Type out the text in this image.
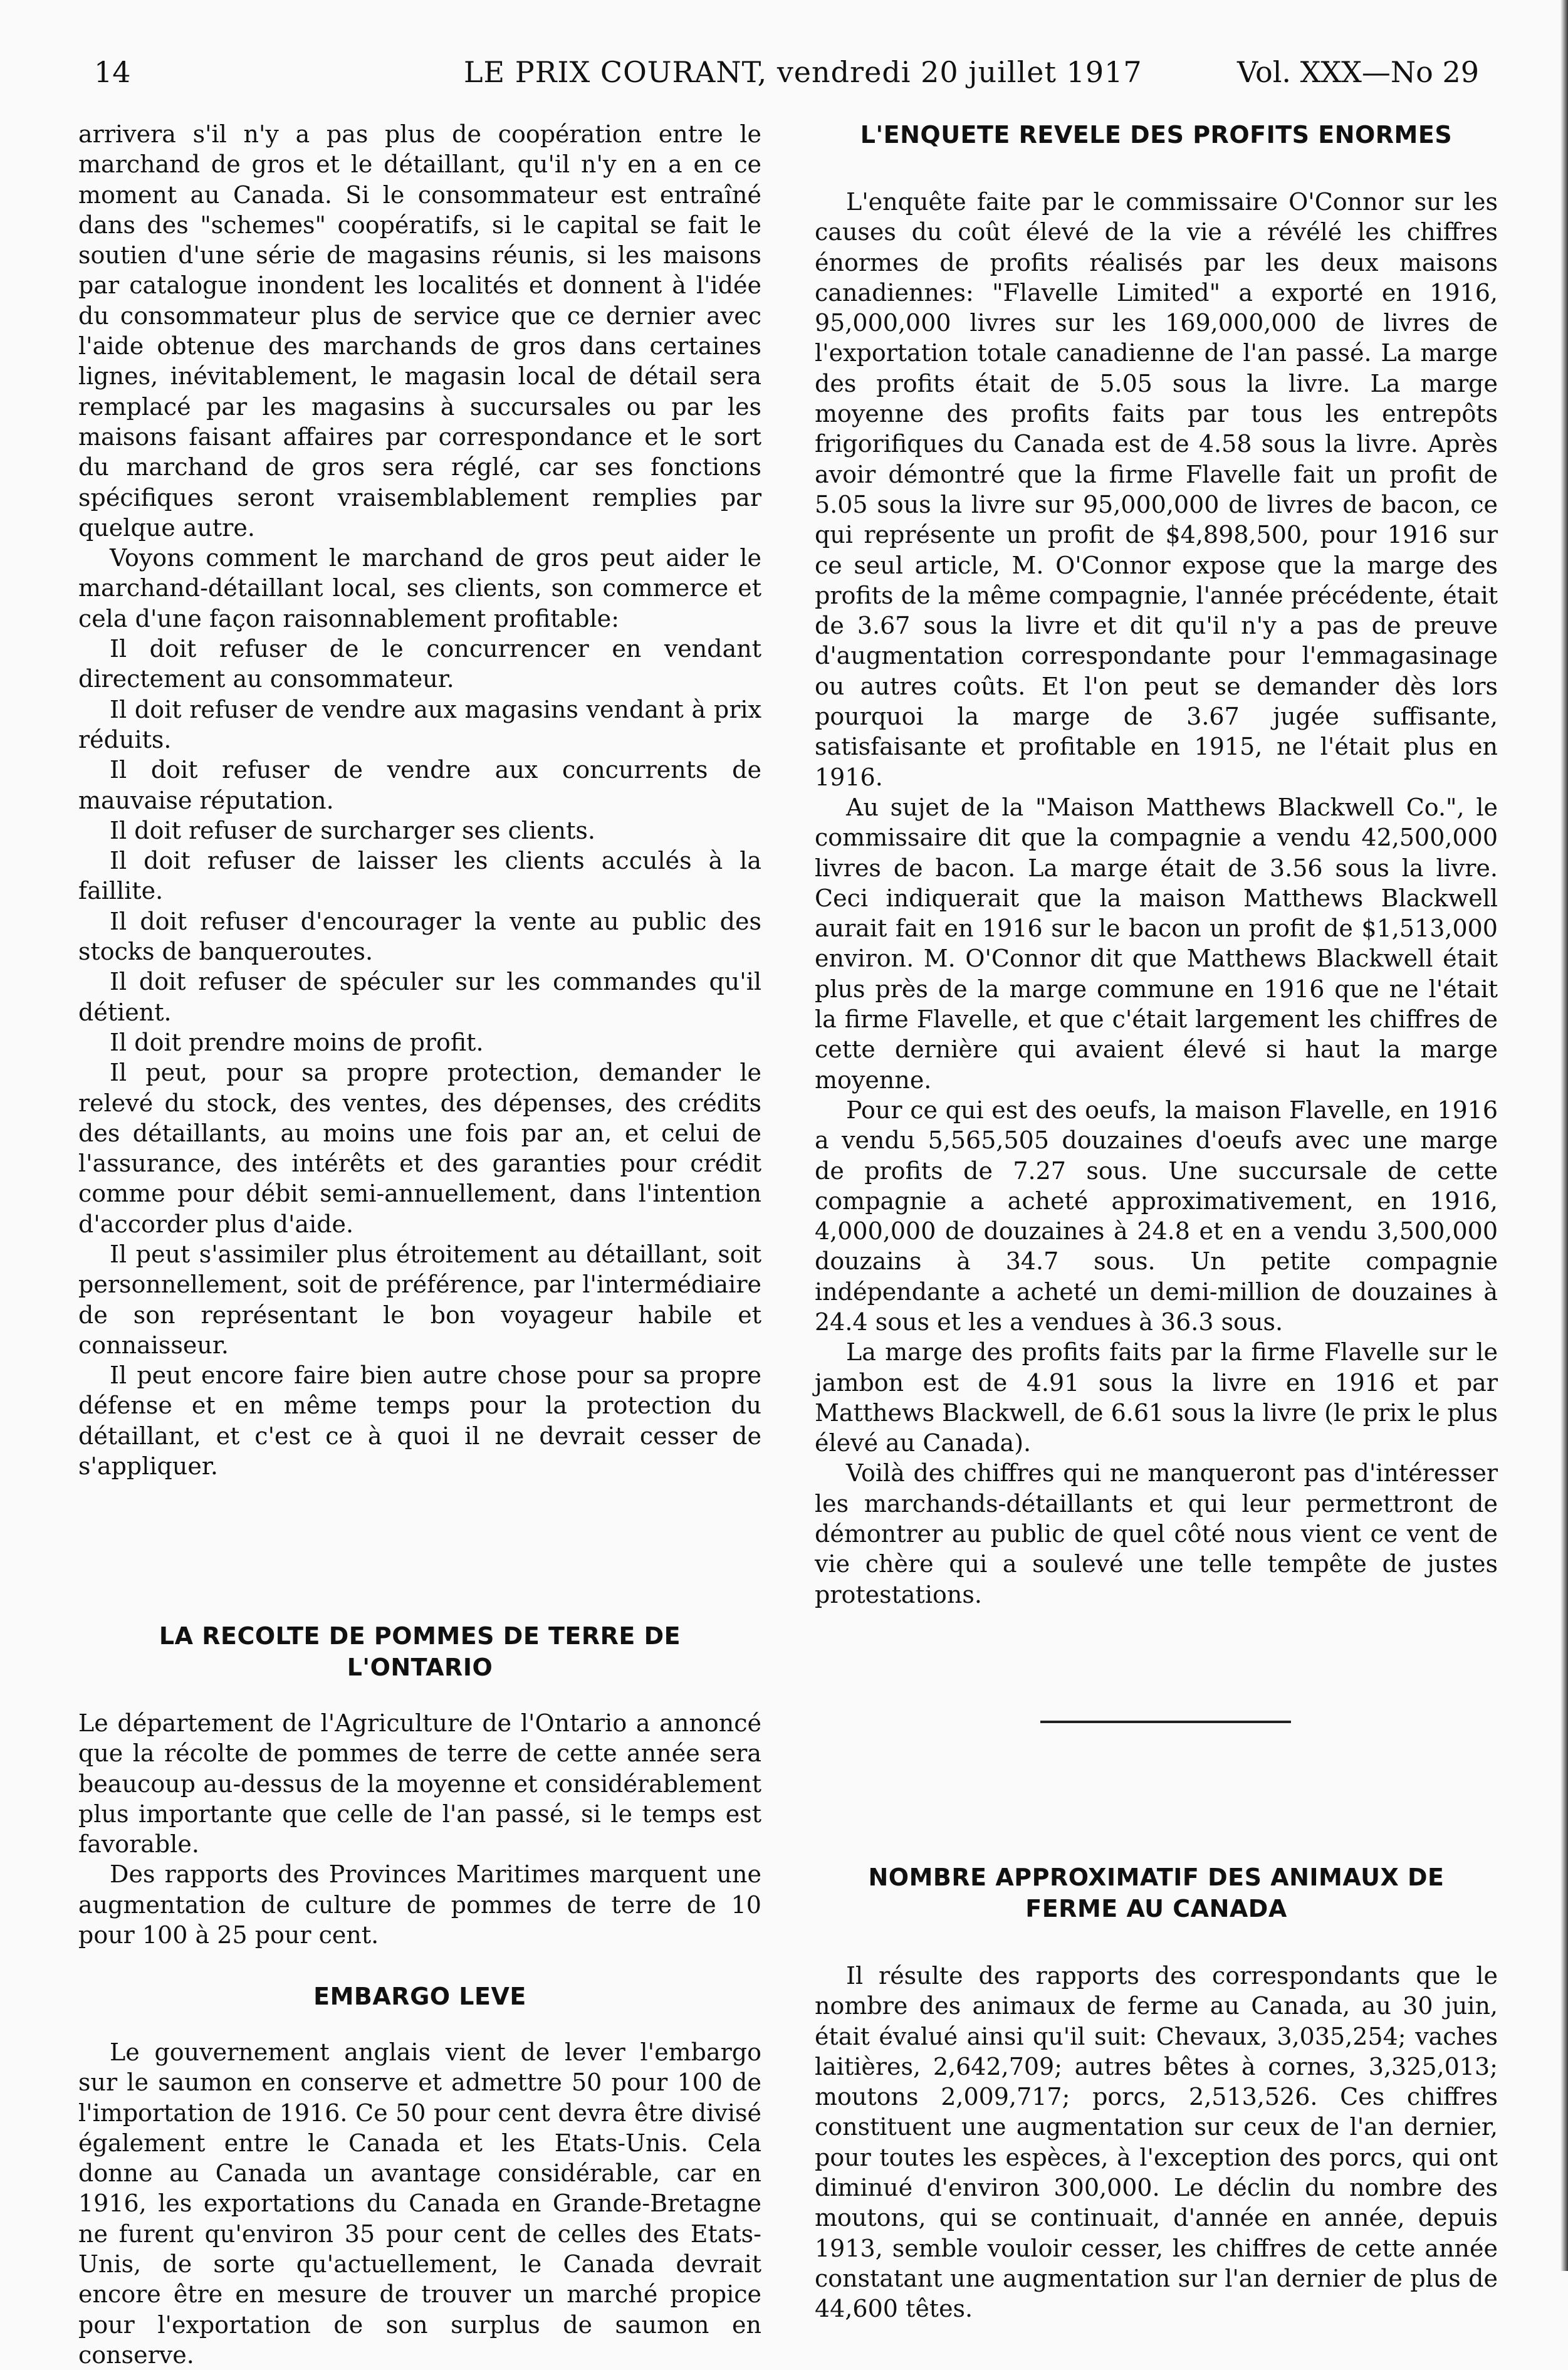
14	LE PRIX COURANT, vendredi 20 juillet 1917	Vol. XXX—No 29

arrivera s'il n'y a pas plus de coopération entre le marchand de gros et le détaillant, qu'il n'y en a en ce moment au Canada. Si le consommateur est entraîné dans des "schemes" coopératifs, si le capital se fait le soutien d'une série de magasins réunis, si les maisons par catalogue inondent les localités et donnent à l'idée du consommateur plus de service que ce dernier avec l'aide obtenue des marchands de gros dans certaines lignes, inévitablement, le magasin local de détail sera remplacé par les magasins à succursales ou par les maisons faisant affaires par correspondance et le sort du marchand de gros sera réglé, car ses fonctions spécifiques seront vraisemblablement remplies par quelque autre.

Voyons comment le marchand de gros peut aider le marchand-détaillant local, ses clients, son commerce et cela d'une façon raisonnablement profitable:

Il doit refuser de le concurrencer en vendant directement au consommateur.

Il doit refuser de vendre aux magasins vendant à prix réduits.

Il doit refuser de vendre aux concurrents de mauvaise réputation.

Il doit refuser de surcharger ses clients.

Il doit refuser de laisser les clients acculés à la faillite.

Il doit refuser d'encourager la vente au public des stocks de banqueroutes.

Il doit refuser de spéculer sur les commandes qu'il détient.

Il doit prendre moins de profit.

Il peut, pour sa propre protection, demander le relevé du stock, des ventes, des dépenses, des crédits des détaillants, au moins une fois par an, et celui de l'assurance, des intérêts et des garanties pour crédit comme pour débit semi-annuellement, dans l'intention d'accorder plus d'aide.

Il peut s'assimiler plus étroitement au détaillant, soit personnellement, soit de préférence, par l'intermédiaire de son représentant le bon voyageur habile et connaisseur.

Il peut encore faire bien autre chose pour sa propre défense et en même temps pour la protection du détaillant, et c'est ce à quoi il ne devrait cesser de s'appliquer.

LA RECOLTE DE POMMES DE TERRE DE
L'ONTARIO

Le département de l'Agriculture de l'Ontario a annoncé que la récolte de pommes de terre de cette année sera beaucoup au-dessus de la moyenne et considérablement plus importante que celle de l'an passé, si le temps est favorable.

Des rapports des Provinces Maritimes marquent une augmentation de culture de pommes de terre de 10 pour 100 à 25 pour cent.

EMBARGO LEVE

Le gouvernement anglais vient de lever l'embargo sur le saumon en conserve et admettre 50 pour 100 de l'importation de 1916. Ce 50 pour cent devra être divisé également entre le Canada et les Etats-Unis. Cela donne au Canada un avantage considérable, car en 1916, les exportations du Canada en Grande-Bretagne ne furent qu'environ 35 pour cent de celles des Etats-Unis, de sorte qu'actuellement, le Canada devrait encore être en mesure de trouver un marché propice pour l'exportation de son surplus de saumon en conserve.

L'ENQUETE REVELE DES PROFITS ENORMES

L'enquête faite par le commissaire O'Connor sur les causes du coût élevé de la vie a révélé les chiffres énormes de profits réalisés par les deux maisons canadiennes: "Flavelle Limited" a exporté en 1916, 95,000,000 livres sur les 169,000,000 de livres de l'exportation totale canadienne de l'an passé. La marge des profits était de 5.05 sous la livre. La marge moyenne des profits faits par tous les entrepôts frigorifiques du Canada est de 4.58 sous la livre. Après avoir démontré que la firme Flavelle fait un profit de 5.05 sous la livre sur 95,000,000 de livres de bacon, ce qui représente un profit de $4,898,500, pour 1916 sur ce seul article, M. O'Connor expose que la marge des profits de la même compagnie, l'année précédente, était de 3.67 sous la livre et dit qu'il n'y a pas de preuve d'augmentation correspondante pour l'emmagasinage ou autres coûts. Et l'on peut se demander dès lors pourquoi la marge de 3.67 jugée suffisante, satisfaisante et profitable en 1915, ne l'était plus en 1916.

Au sujet de la "Maison Matthews Blackwell Co.", le commissaire dit que la compagnie a vendu 42,500,000 livres de bacon. La marge était de 3.56 sous la livre. Ceci indiquerait que la maison Matthews Blackwell aurait fait en 1916 sur le bacon un profit de $1,513,000 environ. M. O'Connor dit que Matthews Blackwell était plus près de la marge commune en 1916 que ne l'était la firme Flavelle, et que c'était largement les chiffres de cette dernière qui avaient élevé si haut la marge moyenne.

Pour ce qui est des oeufs, la maison Flavelle, en 1916 a vendu 5,565,505 douzaines d'oeufs avec une marge de profits de 7.27 sous. Une succursale de cette compagnie a acheté approximativement, en 1916, 4,000,000 de douzaines à 24.8 et en a vendu 3,500,000 douzains à 34.7 sous. Un petite compagnie indépendante a acheté un demi-million de douzaines à 24.4 sous et les a vendues à 36.3 sous.

La marge des profits faits par la firme Flavelle sur le jambon est de 4.91 sous la livre en 1916 et par Matthews Blackwell, de 6.61 sous la livre (le prix le plus élevé au Canada).

Voilà des chiffres qui ne manqueront pas d'intéresser les marchands-détaillants et qui leur permettront de démontrer au public de quel côté nous vient ce vent de vie chère qui a soulevé une telle tempête de justes protestations.

NOMBRE APPROXIMATIF DES ANIMAUX DE
FERME AU CANADA

Il résulte des rapports des correspondants que le nombre des animaux de ferme au Canada, au 30 juin, était évalué ainsi qu'il suit: Chevaux, 3,035,254; vaches laitières, 2,642,709; autres bêtes à cornes, 3,325,013; moutons 2,009,717; porcs, 2,513,526. Ces chiffres constituent une augmentation sur ceux de l'an dernier, pour toutes les espèces, à l'exception des porcs, qui ont diminué d'environ 300,000. Le déclin du nombre des moutons, qui se continuait, d'année en année, depuis 1913, semble vouloir cesser, les chiffres de cette année constatant une augmentation sur l'an dernier de plus de 44,600 têtes.
